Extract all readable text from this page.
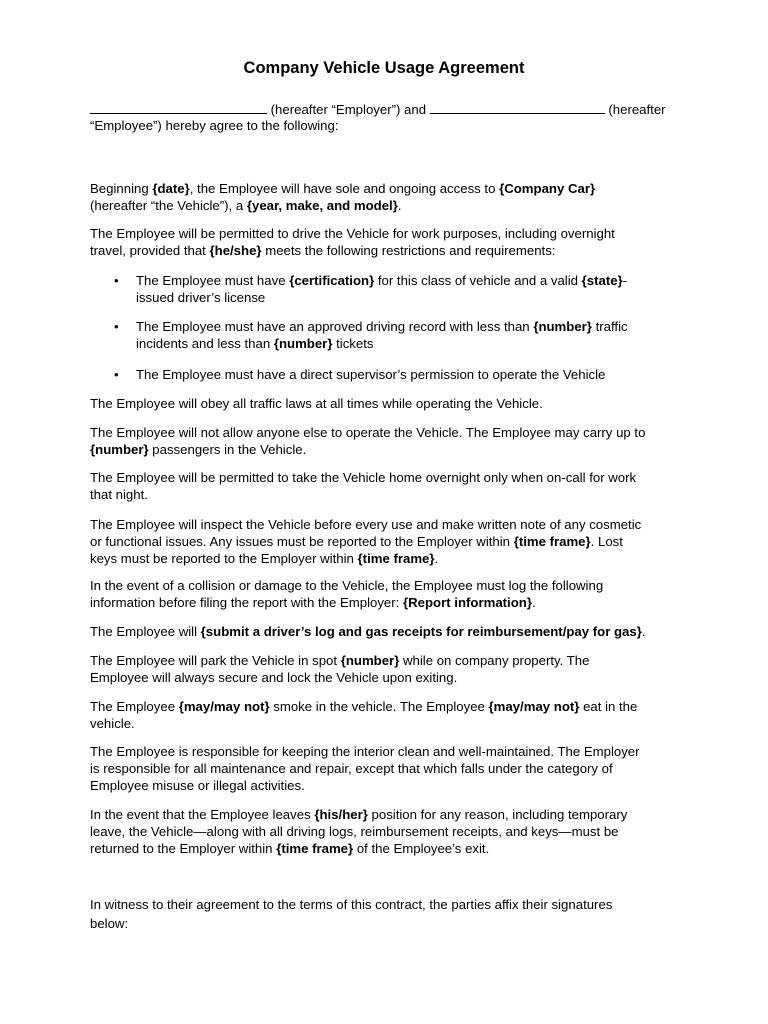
Company Vehicle Usage Agreement
(hereafter “Employer”) and	(hereafter
“Employee”) hereby agree to the following:
Beginning {date}, the Employee will have sole and ongoing access to {Company Car}
(hereafter “the Vehicle”), a {year, make, and model}.
The Employee will be permitted to drive the Vehicle for work purposes, including overnight
travel, provided that {he/she} meets the following restrictions and requirements:
• The Employee must have {certification} for this class of vehicle and a valid {state}-
issued driver’s license
• The Employee must have an approved driving record with less than {number} traffic
incidents and less than {number} tickets
• The Employee must have a direct supervisor’s permission to operate the Vehicle
The Employee will obey all traffic laws at all times while operating the Vehicle.
The Employee will not allow anyone else to operate the Vehicle. The Employee may carry up to
{number} passengers in the Vehicle.
The Employee will be permitted to take the Vehicle home overnight only when on-call for work
that night.
The Employee will inspect the Vehicle before every use and make written note of any cosmetic
or functional issues. Any issues must be reported to the Employer within {time frame}. Lost
keys must be reported to the Employer within {time frame}.
In the event of a collision or damage to the Vehicle, the Employee must log the following
information before filing the report with the Employer: {Report information}.
The Employee will {submit a driver’s log and gas receipts for reimbursement/pay for gas}.
The Employee will park the Vehicle in spot {number} while on company property. The
Employee will always secure and lock the Vehicle upon exiting.
The Employee {may/may not} smoke in the vehicle. The Employee {may/may not} eat in the
vehicle.
The Employee is responsible for keeping the interior clean and well-maintained. The Employer
is responsible for all maintenance and repair, except that which falls under the category of
Employee misuse or illegal activities.
In the event that the Employee leaves {his/her} position for any reason, including temporary
leave, the Vehicle—along with all driving logs, reimbursement receipts, and keys—must be
returned to the Employer within {time frame} of the Employee’s exit.
In witness to their agreement to the terms of this contract, the parties affix their signatures
below:
